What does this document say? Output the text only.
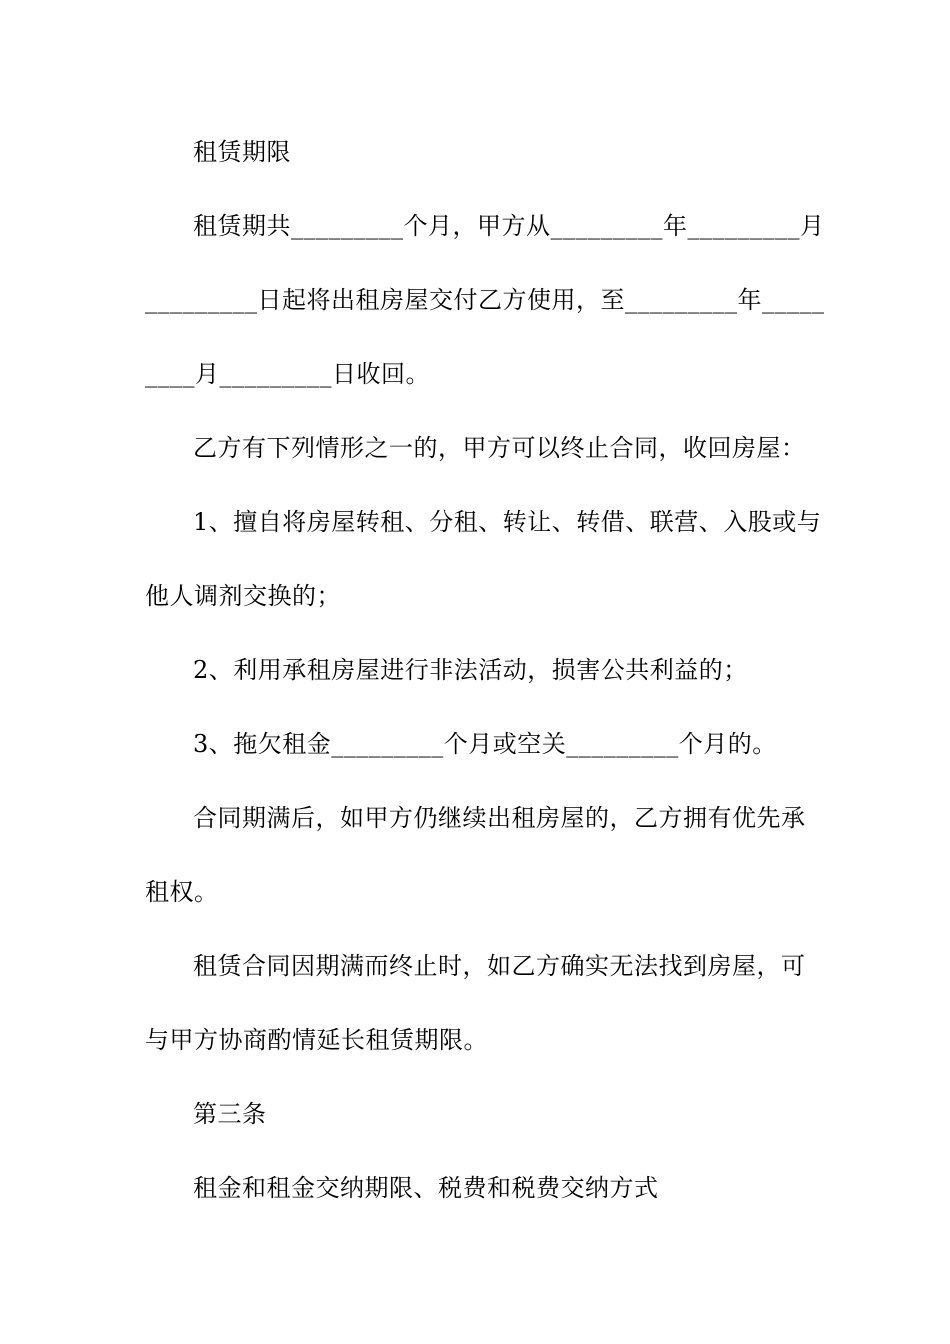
租赁期限
租赁期共_________个月，甲方从_________年_________月
_________日起将出租房屋交付乙方使用，至_________年_____
____月_________日收回。
乙方有下列情形之一的，甲方可以终止合同，收回房屋：
1、擅自将房屋转租、分租、转让、转借、联营、入股或与
他人调剂交换的；
2、利用承租房屋进行非法活动，损害公共利益的；
3、拖欠租金_________个月或空关_________个月的。
合同期满后，如甲方仍继续出租房屋的，乙方拥有优先承
租权。
租赁合同因期满而终止时，如乙方确实无法找到房屋，可
与甲方协商酌情延长租赁期限。
第三条
租金和租金交纳期限、税费和税费交纳方式
